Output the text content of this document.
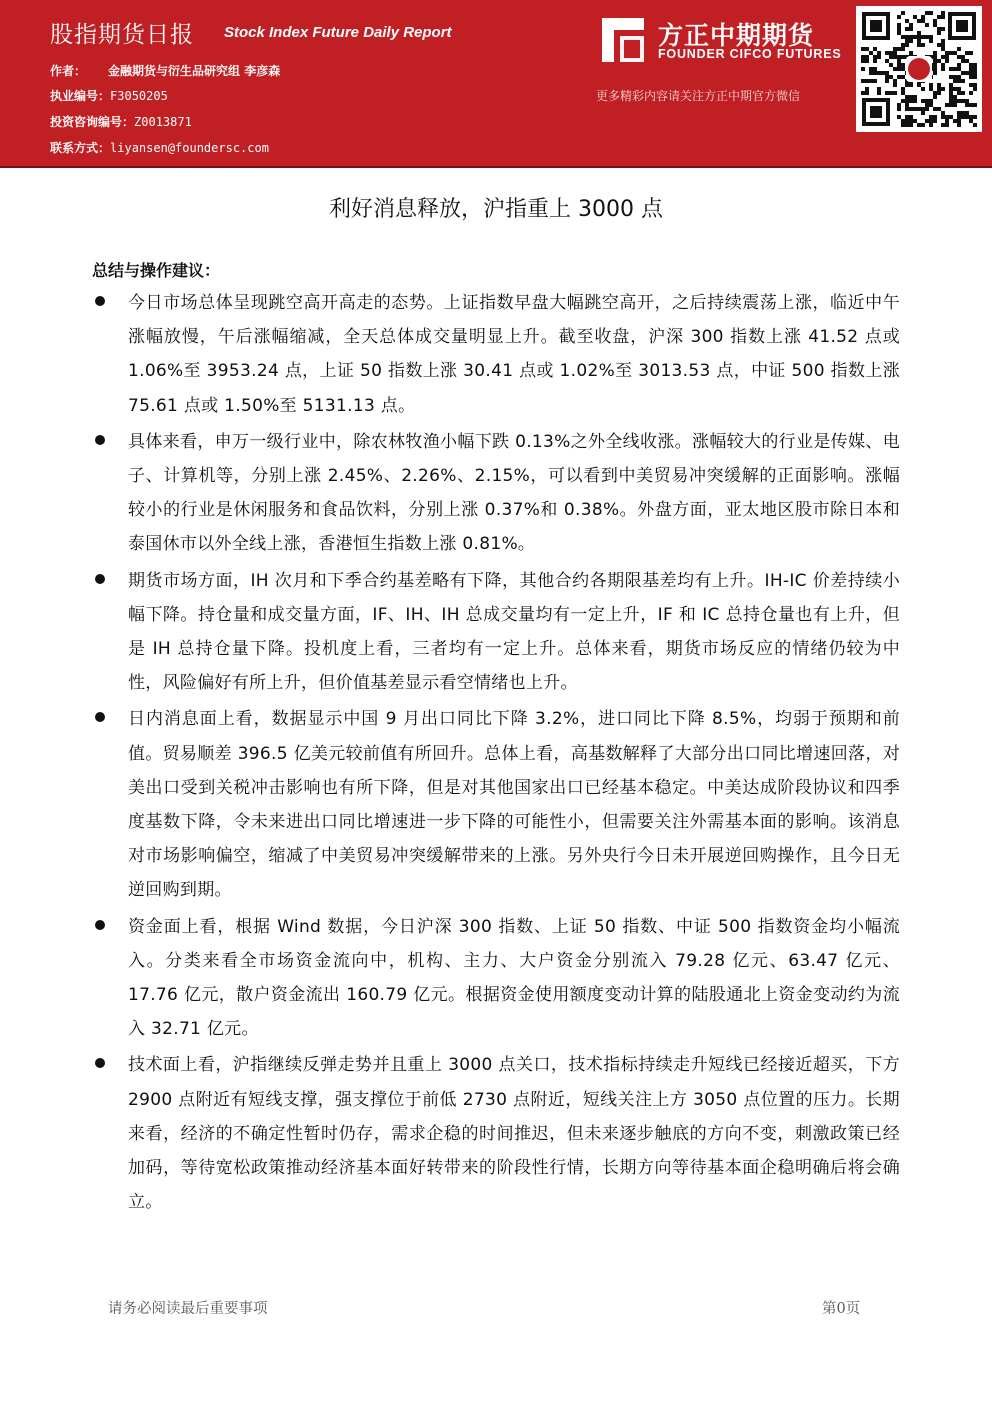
股指期货日报 Stock Index Future Daily Report
作者： 金融期货与衍生品研究组 李彦森
执业编号：F3050205
投资咨询编号：Z0013871
联系方式：liyansen@foundersc.com
方正中期期货
FOUNDER CIFCO FUTURES
更多精彩内容请关注方正中期官方微信
利好消息释放，沪指重上 3000 点
总结与操作建议：
今日市场总体呈现跳空高开高走的态势。上证指数早盘大幅跳空高开，之后持续震荡上涨，临近中午涨幅放慢，午后涨幅缩减，全天总体成交量明显上升。截至收盘，沪深 300 指数上涨 41.52 点或 1.06%至 3953.24 点，上证 50 指数上涨 30.41 点或 1.02%至 3013.53 点，中证 500 指数上涨 75.61 点或 1.50%至 5131.13 点。
具体来看，申万一级行业中，除农林牧渔小幅下跌 0.13%之外全线收涨。涨幅较大的行业是传媒、电子、计算机等，分别上涨 2.45%、2.26%、2.15%，可以看到中美贸易冲突缓解的正面影响。涨幅较小的行业是休闲服务和食品饮料，分别上涨 0.37%和 0.38%。外盘方面，亚太地区股市除日本和泰国休市以外全线上涨，香港恒生指数上涨 0.81%。
期货市场方面，IH 次月和下季合约基差略有下降，其他合约各期限基差均有上升。IH-IC 价差持续小幅下降。持仓量和成交量方面，IF、IH、IH 总成交量均有一定上升，IF 和 IC 总持仓量也有上升，但是 IH 总持仓量下降。投机度上看，三者均有一定上升。总体来看，期货市场反应的情绪仍较为中性，风险偏好有所上升，但价值基差显示看空情绪也上升。
日内消息面上看，数据显示中国 9 月出口同比下降 3.2%，进口同比下降 8.5%，均弱于预期和前值。贸易顺差 396.5 亿美元较前值有所回升。总体上看，高基数解释了大部分出口同比增速回落，对美出口受到关税冲击影响也有所下降，但是对其他国家出口已经基本稳定。中美达成阶段协议和四季度基数下降，令未来进出口同比增速进一步下降的可能性小，但需要关注外需基本面的影响。该消息对市场影响偏空，缩减了中美贸易冲突缓解带来的上涨。另外央行今日未开展逆回购操作，且今日无逆回购到期。
资金面上看，根据 Wind 数据，今日沪深 300 指数、上证 50 指数、中证 500 指数资金均小幅流入。分类来看全市场资金流向中，机构、主力、大户资金分别流入 79.28 亿元、63.47 亿元、17.76 亿元，散户资金流出 160.79 亿元。根据资金使用额度变动计算的陆股通北上资金变动约为流入 32.71 亿元。
技术面上看，沪指继续反弹走势并且重上 3000 点关口，技术指标持续走升短线已经接近超买，下方 2900 点附近有短线支撑，强支撑位于前低 2730 点附近，短线关注上方 3050 点位置的压力。长期来看，经济的不确定性暂时仍存，需求企稳的时间推迟，但未来逐步触底的方向不变，刺激政策已经加码，等待宽松政策推动经济基本面好转带来的阶段性行情，长期方向等待基本面企稳明确后将会确立。
请务必阅读最后重要事项	第0页
